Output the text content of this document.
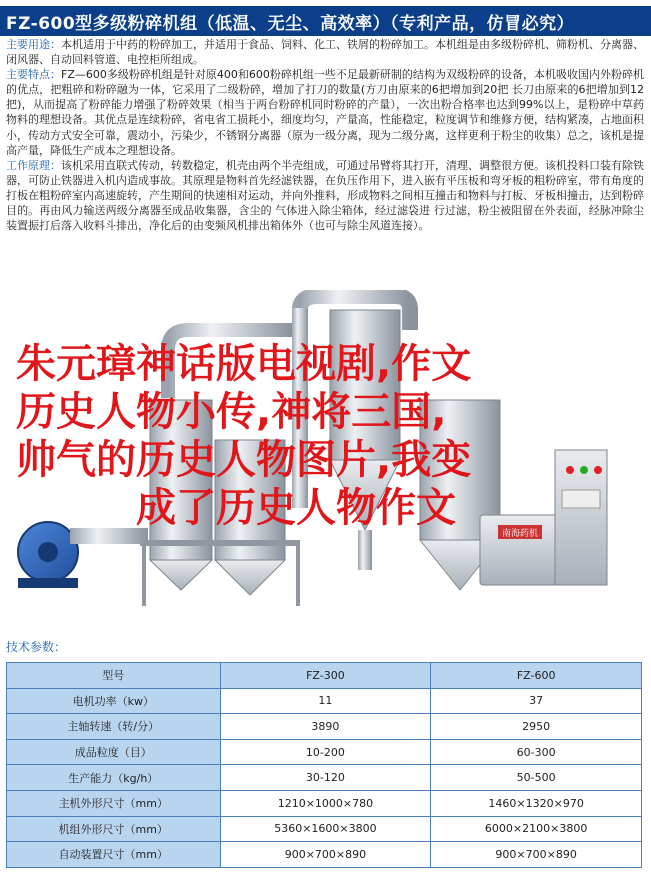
FZ-600型多级粉碎机组（低温、无尘、高效率）（专利产品，仿冒必究）

主要用途：本机适用于中药的粉碎加工，并适用于食品、饲料、化工、铁屑的粉碎加工。本机组是由多级粉碎机、筛粉机、分离器、闭风器、自动回料管道、电控柜所组成。

主要特点：FZ—600多级粉碎机组是针对原400和600粉碎机组一些不足最新研制的结构为双级粉碎的设备，本机吸收国内外粉碎机的优点，把粗碎和粉碎融为一体，它采用了二级粉碎，增加了打刀的数量(方刀由原来的6把增加到20把 长刀由原来的6把增加到12把)，从而提高了粉碎能力增强了粉碎效果（相当于两台粉碎机同时粉碎的产量），一次出粉合格率也达到99%以上，是粉碎中草药物料的理想设备。其优点是连续粉碎，省电省工损耗小，细度均匀，产量高，性能稳定，粒度调节和维修方便，结构紧凑，占地面积小，传动方式安全可靠，震动小，污染少，不锈钢分离器（原为一级分离，现为二级分离，这样更利于粉尘的收集）总之，该机是提高产量，降低生产成本之理想设备。

工作原理：该机采用直联式传动，转数稳定，机壳由两个半壳组成，可通过吊臂将其打开，清理、调整很方便。该机投料口装有除铁器，可防止铁器进入机内造成事故。其原理是物料首先经滤铁器，在负压作用下，进入嵌有平压板和弯牙板的粗粉碎室，带有角度的打板在粗粉碎室内高速旋转，产生期间的快速相对运动，并向外推料，形成物料之间相互撞击和物料与打板、牙板相撞击，达到粉碎目的。再由风力输送两级分离器至成品收集器，含尘的 气体进入除尘箱体，经过滤袋进 行过滤，粉尘被阻留在外表面，经脉冲除尘装置振打后落入收料斗排出，净化后的由变频风机排出箱体外（也可与除尘风道连接）。

南海药机
朱元璋神话版电视剧,作文
历史人物小传,神将三国,
帅气的历史人物图片,我变
成了历史人物作文
技术参数：
型号	FZ-300	FZ-600
电机功率（kw）	11	37
主轴转速（转/分）	3890	2950
成品粒度（目）	10-200	60-300
生产能力（kg/h）	30-120	50-500
主机外形尺寸（mm）	1210×1000×780	1460×1320×970
机组外形尺寸（mm）	5360×1600×3800	6000×2100×3800
自动装置尺寸（mm）	900×700×890	900×700×890
